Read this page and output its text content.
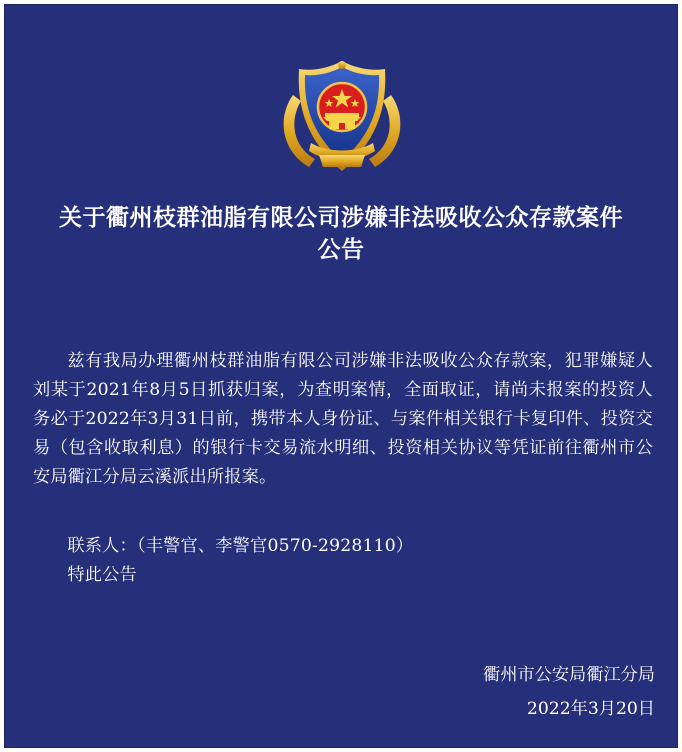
关于衢州枝群油脂有限公司涉嫌非法吸收公众存款案件
公告
兹有我局办理衢州枝群油脂有限公司涉嫌非法吸收公众存款案，犯罪嫌疑人刘某于2021年8月5日抓获归案，为查明案情，全面取证，请尚未报案的投资人务必于2022年3月31日前，携带本人身份证、与案件相关银行卡复印件、投资交易（包含收取利息）的银行卡交易流水明细、投资相关协议等凭证前往衢州市公安局衢江分局云溪派出所报案。
联系人：（丰警官、李警官0570-2928110）
特此公告
衢州市公安局衢江分局
2022年3月20日
